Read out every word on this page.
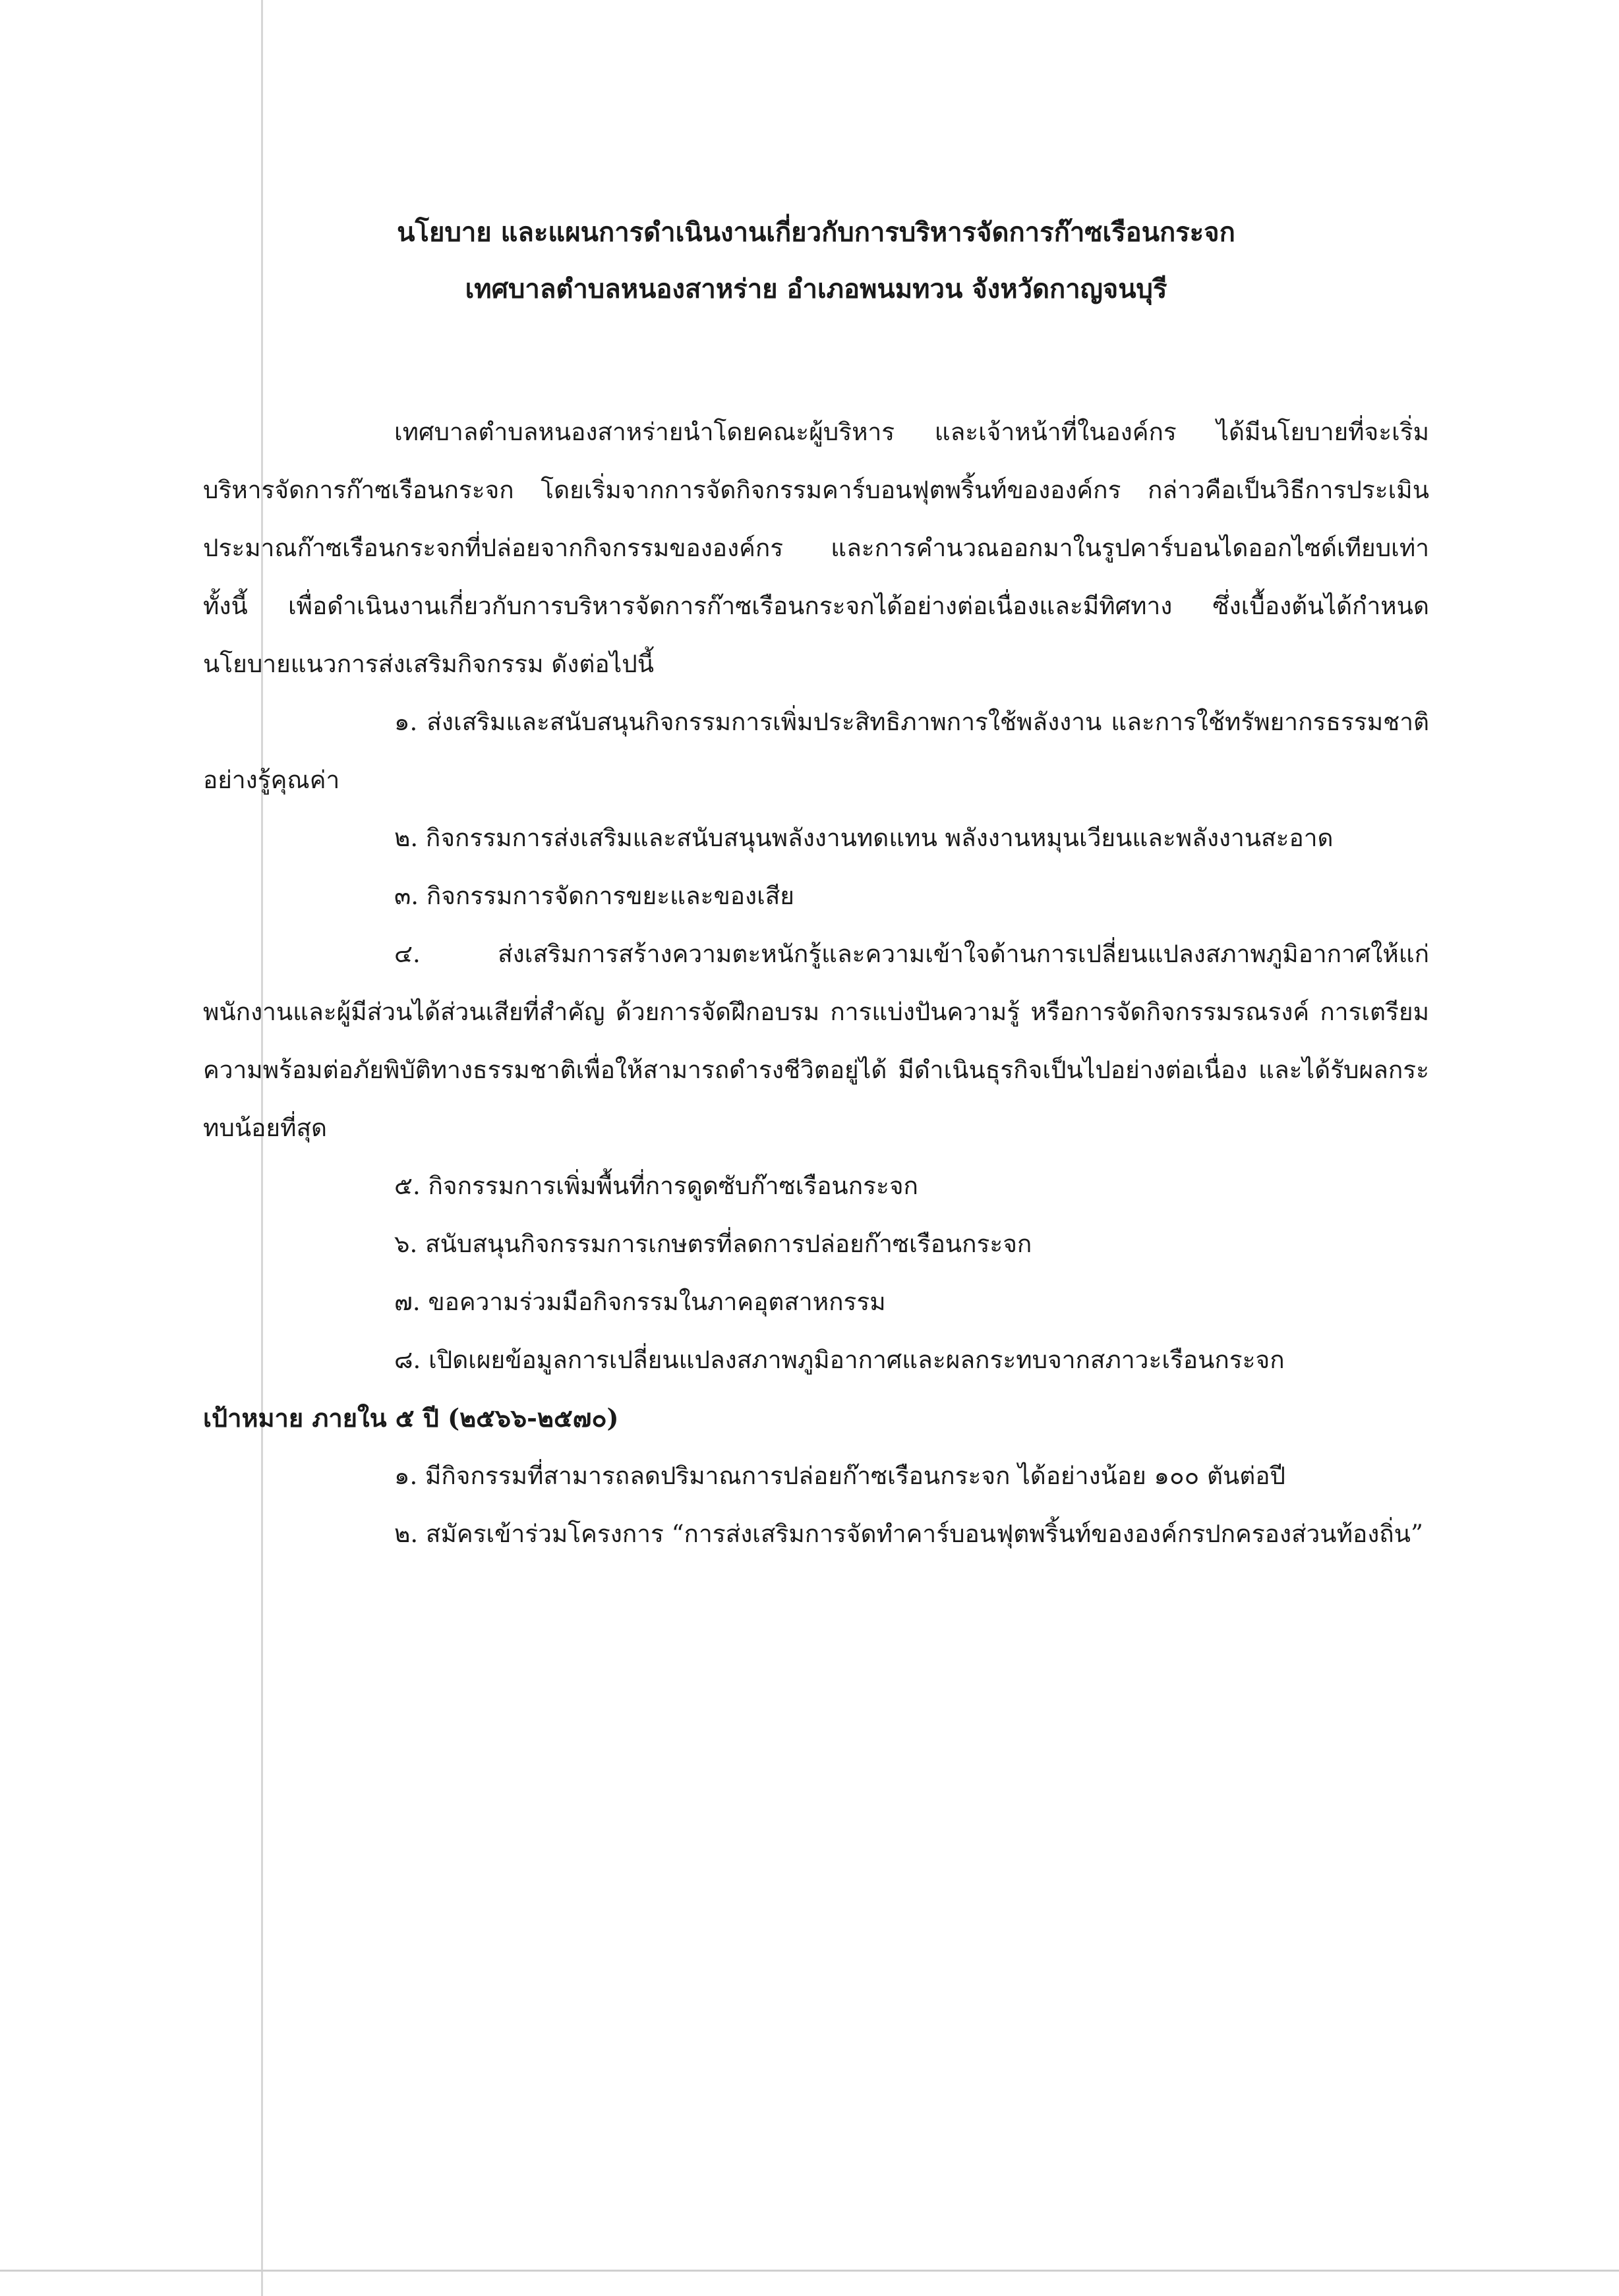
นโยบาย และแผนการดำเนินงานเกี่ยวกับการบริหารจัดการก๊าซเรือนกระจก

เทศบาลตำบลหนองสาหร่าย อำเภอพนมทวน จังหวัดกาญจนบุรี

เทศบาลตำบลหนองสาหร่ายนำโดยคณะผู้บริหาร และเจ้าหน้าที่ในองค์กร ได้มีนโยบายที่จะเริ่มบริหารจัดการก๊าซเรือนกระจก โดยเริ่มจากการจัดกิจกรรมคาร์บอนฟุตพริ้นท์ขององค์กร กล่าวคือเป็นวิธีการประเมินประมาณก๊าซเรือนกระจกที่ปล่อยจากกิจกรรมขององค์กร และการคำนวณออกมาในรูปคาร์บอนไดออกไซด์เทียบเท่า ทั้งนี้ เพื่อดำเนินงานเกี่ยวกับการบริหารจัดการก๊าซเรือนกระจกได้อย่างต่อเนื่องและมีทิศทาง ซึ่งเบื้องต้นได้กำหนดนโยบายแนวการส่งเสริมกิจกรรม ดังต่อไปนี้

๑. ส่งเสริมและสนับสนุนกิจกรรมการเพิ่มประสิทธิภาพการใช้พลังงาน และการใช้ทรัพยากรธรรมชาติอย่างรู้คุณค่า

๒. กิจกรรมการส่งเสริมและสนับสนุนพลังงานทดแทน พลังงานหมุนเวียนและพลังงานสะอาด

๓. กิจกรรมการจัดการขยะและของเสีย

๔. ส่งเสริมการสร้างความตะหนักรู้และความเข้าใจด้านการเปลี่ยนแปลงสภาพภูมิอากาศให้แก่พนักงานและผู้มีส่วนได้ส่วนเสียที่สำคัญ ด้วยการจัดฝึกอบรม การแบ่งปันความรู้ หรือการจัดกิจกรรมรณรงค์ การเตรียมความพร้อมต่อภัยพิบัติทางธรรมชาติเพื่อให้สามารถดำรงชีวิตอยู่ได้ มีดำเนินธุรกิจเป็นไปอย่างต่อเนื่อง และได้รับผลกระทบน้อยที่สุด

๕. กิจกรรมการเพิ่มพื้นที่การดูดซับก๊าซเรือนกระจก

๖. สนับสนุนกิจกรรมการเกษตรที่ลดการปล่อยก๊าซเรือนกระจก

๗. ขอความร่วมมือกิจกรรมในภาคอุตสาหกรรม

๘. เปิดเผยข้อมูลการเปลี่ยนแปลงสภาพภูมิอากาศและผลกระทบจากสภาวะเรือนกระจก

เป้าหมาย ภายใน ๕ ปี (๒๕๖๖-๒๕๗๐)

๑. มีกิจกรรมที่สามารถลดปริมาณการปล่อยก๊าซเรือนกระจก ได้อย่างน้อย ๑๐๐ ตันต่อปี

๒. สมัครเข้าร่วมโครงการ “การส่งเสริมการจัดทำคาร์บอนฟุตพริ้นท์ขององค์กรปกครองส่วนท้องถิ่น”
